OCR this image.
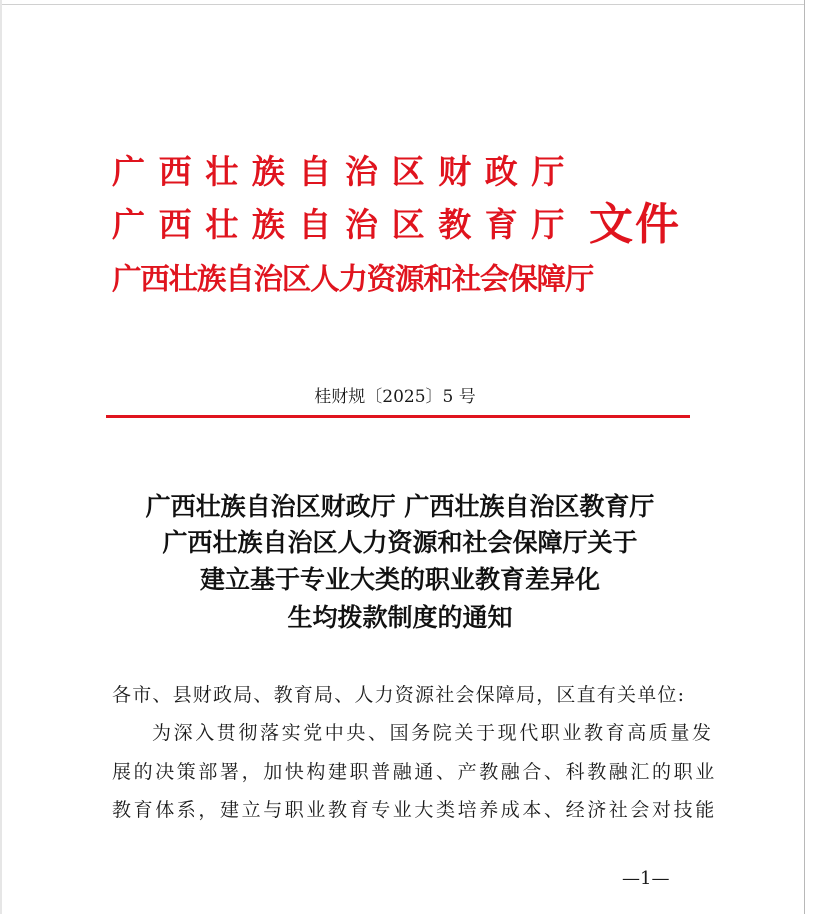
广西壮族自治区财政厅
广西壮族自治区教育厅
广西壮族自治区人力资源和社会保障厅
文件
桂财规〔2025〕5 号
广西壮族自治区财政厅 广西壮族自治区教育厅
广西壮族自治区人力资源和社会保障厅关于
建立基于专业大类的职业教育差异化
生均拨款制度的通知
各市、县财政局、教育局、人力资源社会保障局，区直有关单位:
为深入贯彻落实党中央、国务院关于现代职业教育高质量发
展的决策部署，加快构建职普融通、产教融合、科教融汇的职业
教育体系，建立与职业教育专业大类培养成本、经济社会对技能
—1—
